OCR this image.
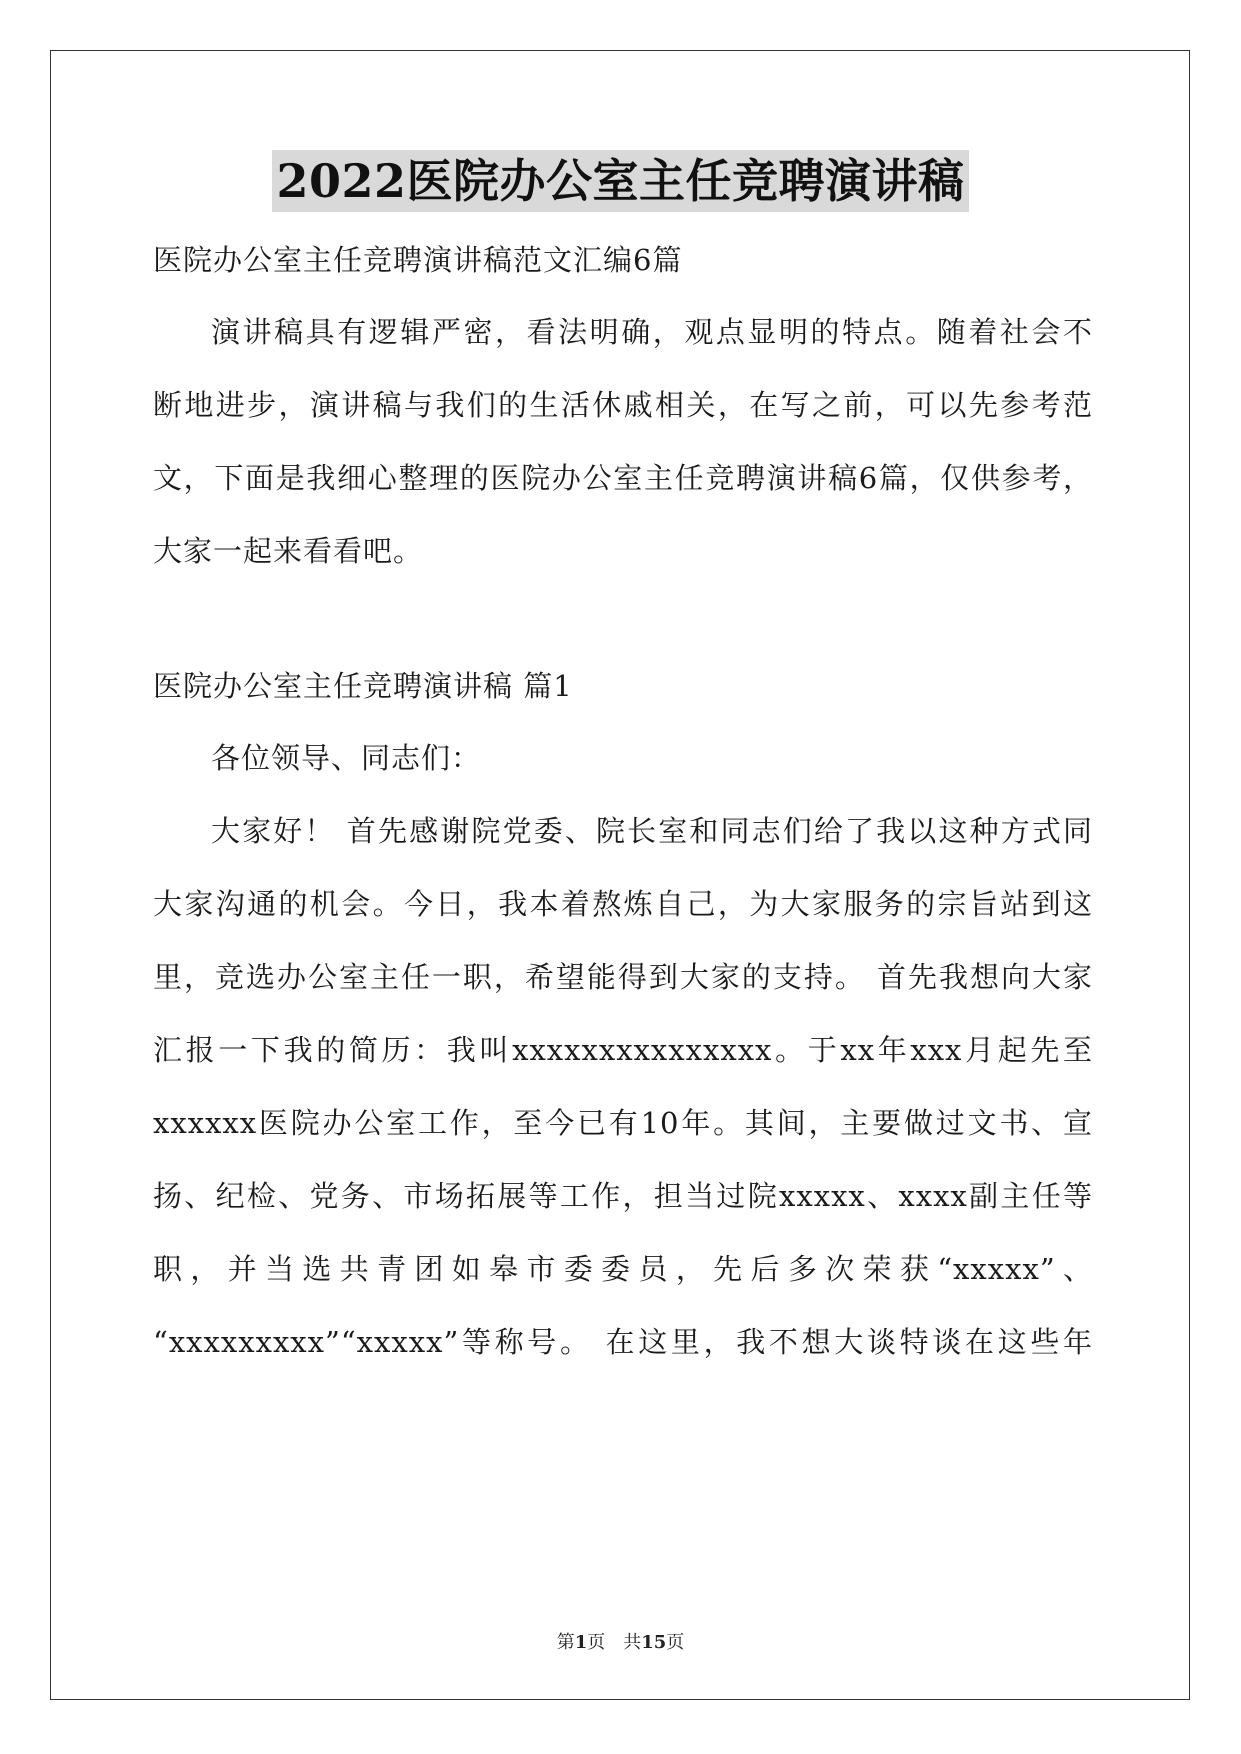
2022医院办公室主任竞聘演讲稿
医院办公室主任竞聘演讲稿范文汇编6篇
演讲稿具有逻辑严密，看法明确，观点显明的特点。随着社会不
断地进步，演讲稿与我们的生活休戚相关，在写之前，可以先参考范
文，下面是我细心整理的医院办公室主任竞聘演讲稿6篇，仅供参考，
大家一起来看看吧。
医院办公室主任竞聘演讲稿 篇1
各位领导、同志们：
大家好！ 首先感谢院党委、院长室和同志们给了我以这种方式同
大家沟通的机会。今日，我本着熬炼自己，为大家服务的宗旨站到这
里，竞选办公室主任一职，希望能得到大家的支持。 首先我想向大家
汇报一下我的简历：我叫xxxxxxxxxxxxxxx。于xx年xxx月起先至
xxxxxx医院办公室工作，至今已有10年。其间，主要做过文书、宣
扬、纪检、党务、市场拓展等工作，担当过院xxxxx、xxxx副主任等
职，并当选共青团如皋市委委员，先后多次荣获“xxxxx”、
“xxxxxxxxx”“xxxxx”等称号。 在这里，我不想大谈特谈在这些年
第1页 共15页
